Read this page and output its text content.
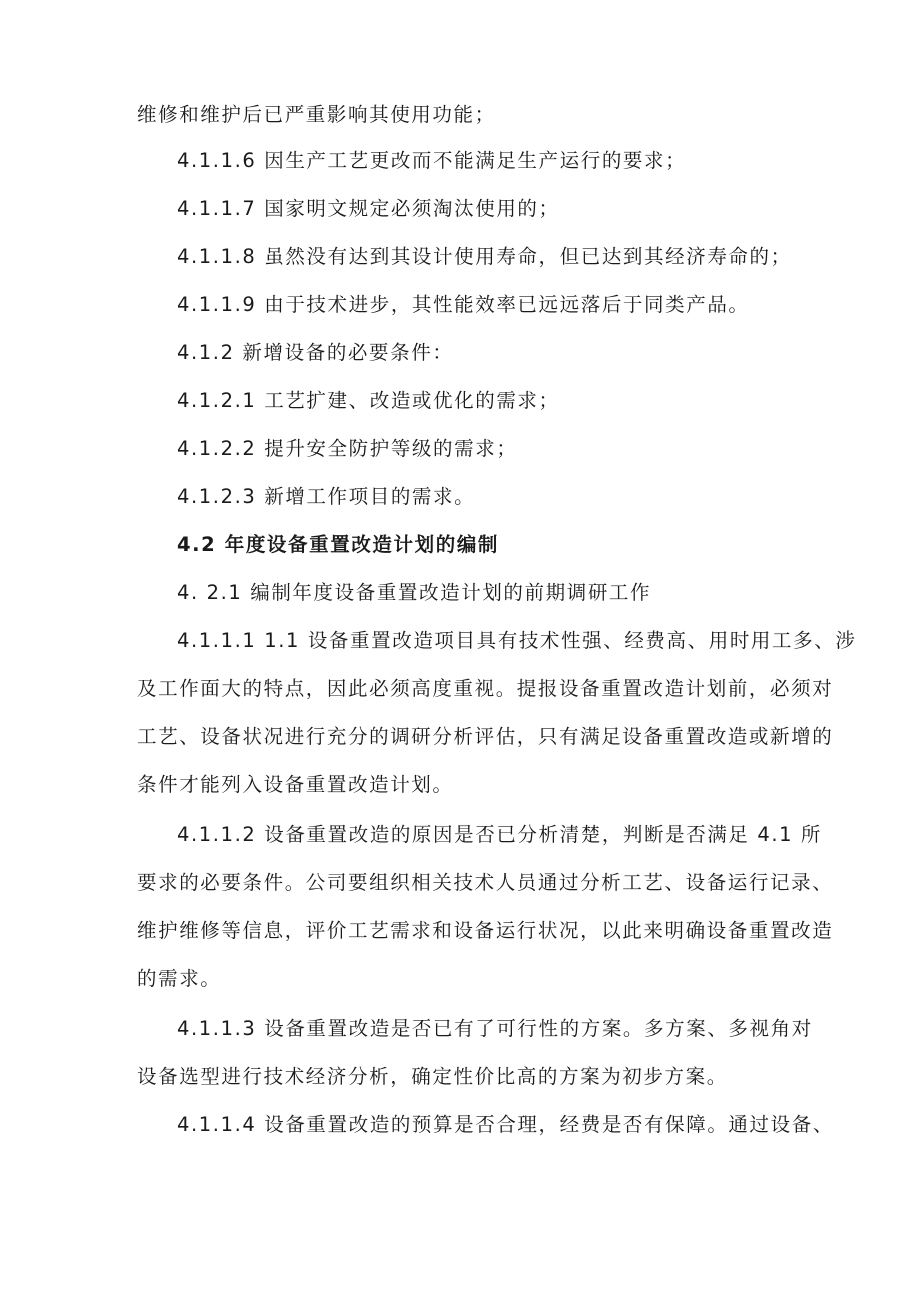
维修和维护后已严重影响其使用功能；
4.1.1.6 因生产工艺更改而不能满足生产运行的要求；
4.1.1.7 国家明文规定必须淘汰使用的；
4.1.1.8 虽然没有达到其设计使用寿命，但已达到其经济寿命的；
4.1.1.9 由于技术进步，其性能效率已远远落后于同类产品。
4.1.2 新增设备的必要条件：
4.1.2.1 工艺扩建、改造或优化的需求；
4.1.2.2 提升安全防护等级的需求；
4.1.2.3 新增工作项目的需求。
4.2 年度设备重置改造计划的编制
4. 2.1 编制年度设备重置改造计划的前期调研工作
4.1.1.1 1.1 设备重置改造项目具有技术性强、经费高、用时用工多、涉
及工作面大的特点，因此必须高度重视。提报设备重置改造计划前，必须对
工艺、设备状况进行充分的调研分析评估，只有满足设备重置改造或新增的
条件才能列入设备重置改造计划。
4.1.1.2 设备重置改造的原因是否已分析清楚，判断是否满足 4.1 所
要求的必要条件。公司要组织相关技术人员通过分析工艺、设备运行记录、
维护维修等信息，评价工艺需求和设备运行状况，以此来明确设备重置改造
的需求。
4.1.1.3 设备重置改造是否已有了可行性的方案。多方案、多视角对
设备选型进行技术经济分析，确定性价比高的方案为初步方案。
4.1.1.4 设备重置改造的预算是否合理，经费是否有保障。通过设备、
